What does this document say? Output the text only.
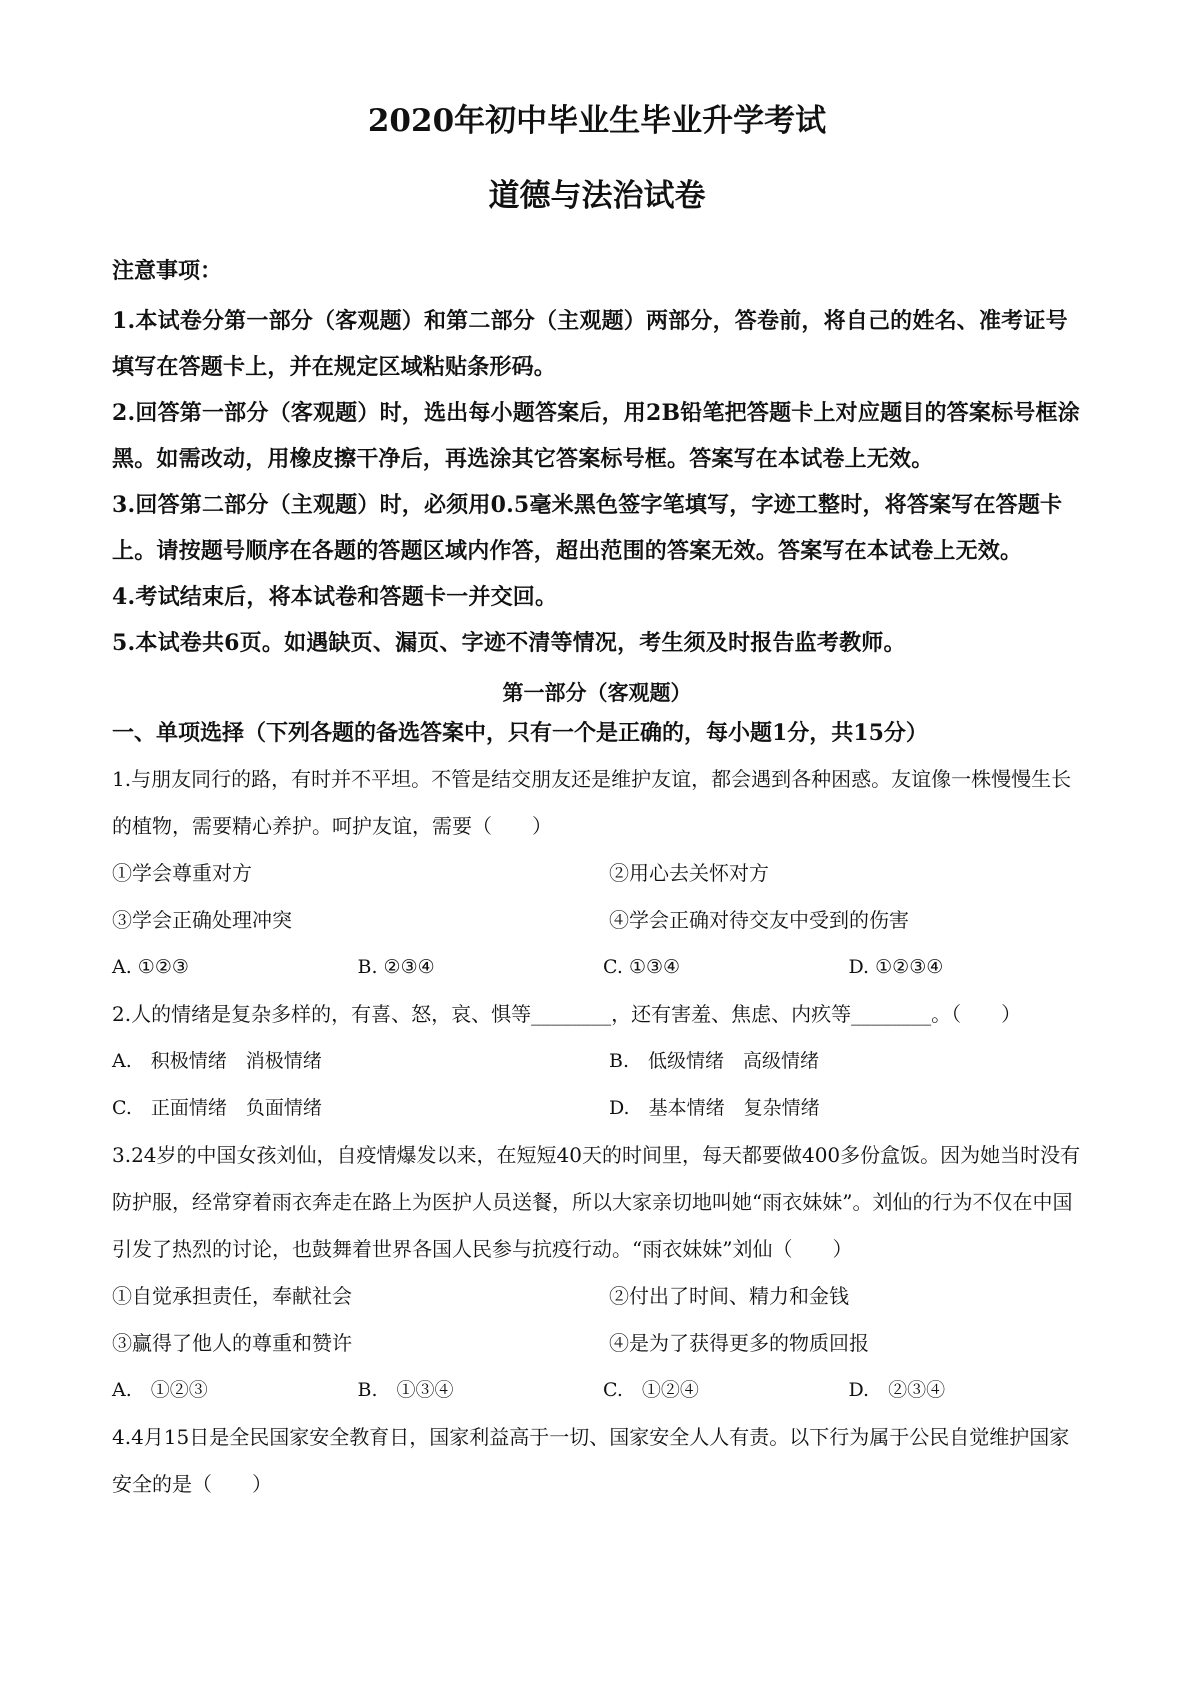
2020年初中毕业生毕业升学考试
道德与法治试卷
注意事项：
1.本试卷分第一部分（客观题）和第二部分（主观题）两部分，答卷前，将自己的姓名、准考证号填写在答题卡上，并在规定区域粘贴条形码。
2.回答第一部分（客观题）时，选出每小题答案后，用2B铅笔把答题卡上对应题目的答案标号框涂黑。如需改动，用橡皮擦干净后，再选涂其它答案标号框。答案写在本试卷上无效。
3.回答第二部分（主观题）时，必须用0.5毫米黑色签字笔填写，字迹工整时，将答案写在答题卡上。请按题号顺序在各题的答题区域内作答，超出范围的答案无效。答案写在本试卷上无效。
4.考试结束后，将本试卷和答题卡一并交回。
5.本试卷共6页。如遇缺页、漏页、字迹不清等情况，考生须及时报告监考教师。
第一部分（客观题）
一、单项选择（下列各题的备选答案中，只有一个是正确的，每小题1分，共15分）
1.与朋友同行的路，有时并不平坦。不管是结交朋友还是维护友谊，都会遇到各种困惑。友谊像一株慢慢生长的植物，需要精心养护。呵护友谊，需要（　　）
①学会尊重对方	②用心去关怀对方
③学会正确处理冲突	④学会正确对待交友中受到的伤害
A. ①②③	B. ②③④	C. ①③④	D. ①②③④
2.人的情绪是复杂多样的，有喜、怒，哀、惧等________，还有害羞、焦虑、内疚等________。（　　）
A.　积极情绪　消极情绪	B.　低级情绪　高级情绪
C.　正面情绪　负面情绪	D.　基本情绪　复杂情绪
3.24岁的中国女孩刘仙，自疫情爆发以来，在短短40天的时间里，每天都要做400多份盒饭。因为她当时没有防护服，经常穿着雨衣奔走在路上为医护人员送餐，所以大家亲切地叫她“雨衣妹妹”。刘仙的行为不仅在中国引发了热烈的讨论，也鼓舞着世界各国人民参与抗疫行动。“雨衣妹妹”刘仙（　　）
①自觉承担责任，奉献社会	②付出了时间、精力和金钱
③赢得了他人的尊重和赞许	④是为了获得更多的物质回报
A.　①②③	B.　①③④	C.　①②④	D.　②③④
4.4月15日是全民国家安全教育日，国家利益高于一切、国家安全人人有责。以下行为属于公民自觉维护国家安全的是（　　）
